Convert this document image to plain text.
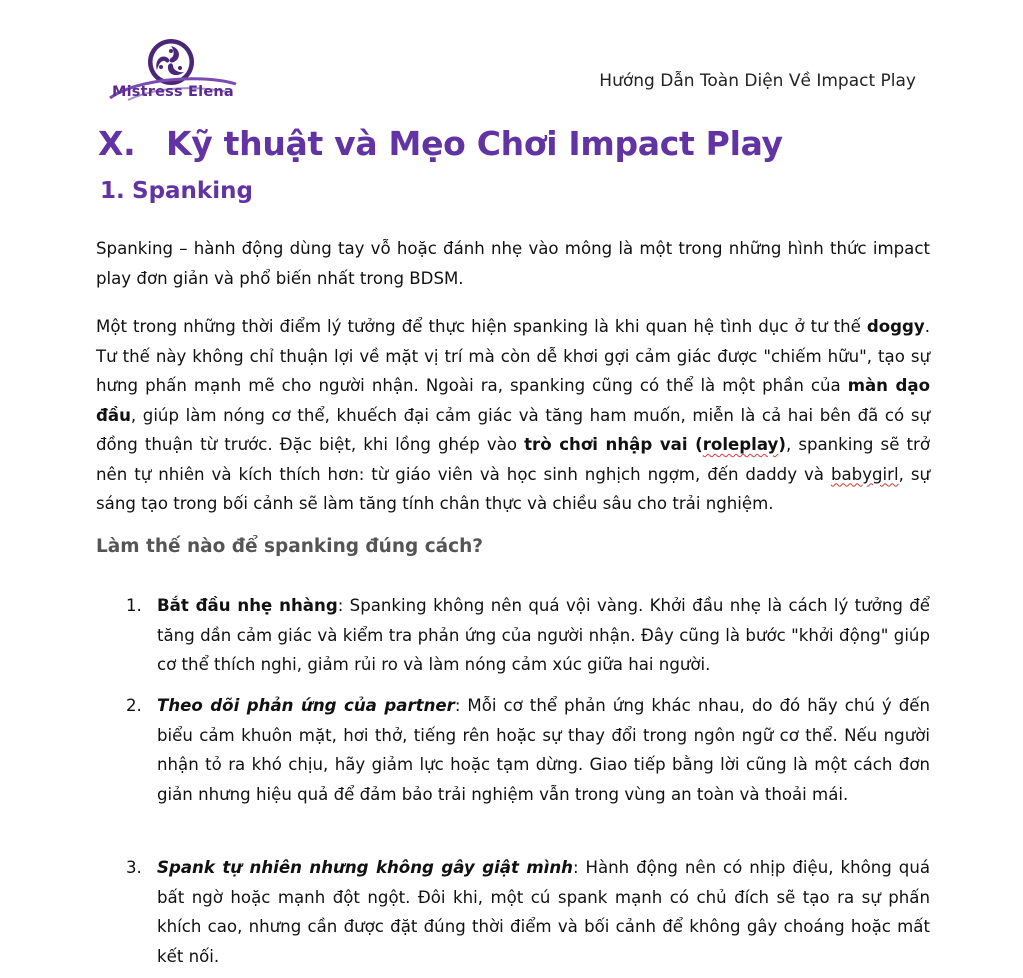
Mistress Elena
Hướng Dẫn Toàn Diện Về Impact Play
X. Kỹ thuật và Mẹo Chơi Impact Play
1. Spanking

Spanking – hành động dùng tay vỗ hoặc đánh nhẹ vào mông là một trong những hình thức impact play đơn giản và phổ biến nhất trong BDSM.

Một trong những thời điểm lý tưởng để thực hiện spanking là khi quan hệ tình dục ở tư thế doggy. Tư thế này không chỉ thuận lợi về mặt vị trí mà còn dễ khơi gợi cảm giác được "chiếm hữu", tạo sự hưng phấn mạnh mẽ cho người nhận. Ngoài ra, spanking cũng có thể là một phần của màn dạo đầu, giúp làm nóng cơ thể, khuếch đại cảm giác và tăng ham muốn, miễn là cả hai bên đã có sự đồng thuận từ trước. Đặc biệt, khi lồng ghép vào trò chơi nhập vai (roleplay), spanking sẽ trở nên tự nhiên và kích thích hơn: từ giáo viên và học sinh nghịch ngợm, đến daddy và babygirl, sự sáng tạo trong bối cảnh sẽ làm tăng tính chân thực và chiều sâu cho trải nghiệm.

Làm thế nào để spanking đúng cách?
1. Bắt đầu nhẹ nhàng: Spanking không nên quá vội vàng. Khởi đầu nhẹ là cách lý tưởng để tăng dần cảm giác và kiểm tra phản ứng của người nhận. Đây cũng là bước "khởi động" giúp cơ thể thích nghi, giảm rủi ro và làm nóng cảm xúc giữa hai người.
2. Theo dõi phản ứng của partner: Mỗi cơ thể phản ứng khác nhau, do đó hãy chú ý đến biểu cảm khuôn mặt, hơi thở, tiếng rên hoặc sự thay đổi trong ngôn ngữ cơ thể. Nếu người nhận tỏ ra khó chịu, hãy giảm lực hoặc tạm dừng. Giao tiếp bằng lời cũng là một cách đơn giản nhưng hiệu quả để đảm bảo trải nghiệm vẫn trong vùng an toàn và thoải mái.
3. Spank tự nhiên nhưng không gây giật mình: Hành động nên có nhịp điệu, không quá bất ngờ hoặc mạnh đột ngột. Đôi khi, một cú spank mạnh có chủ đích sẽ tạo ra sự phấn khích cao, nhưng cần được đặt đúng thời điểm và bối cảnh để không gây choáng hoặc mất kết nối.
